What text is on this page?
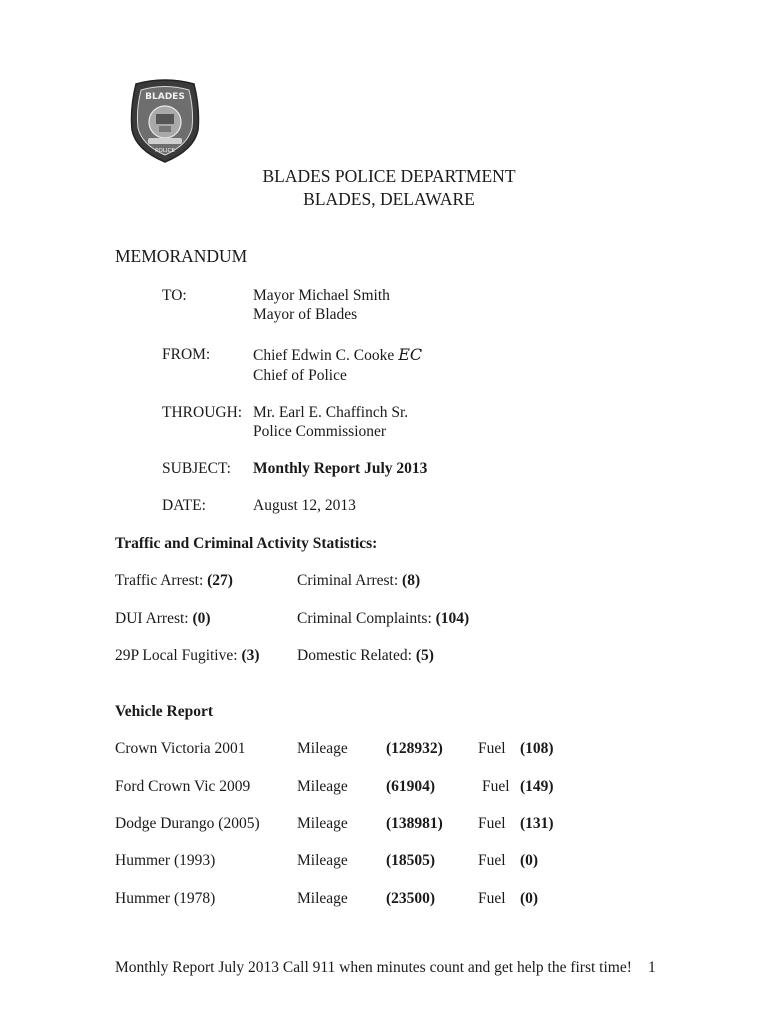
BLADES
POLICE
BLADES POLICE DEPARTMENT
BLADES, DELAWARE
MEMORANDUM
TO:	Mayor Michael Smith
Mayor of Blades
FROM:	Chief Edwin C. Cooke EC
Chief of Police
THROUGH: Mr. Earl E. Chaffinch Sr.
Police Commissioner
SUBJECT: Monthly Report July 2013
DATE:	August 12, 2013
Traffic and Criminal Activity Statistics:
Traffic Arrest: (27)	Criminal Arrest: (8)
DUI Arrest: (0)	Criminal Complaints: (104)
29P Local Fugitive: (3) Domestic Related: (5)
Vehicle Report
Crown Victoria 2001	Mileage (128932) Fuel (108)
Ford Crown Vic 2009	Mileage (61904)	Fuel (149)
Dodge Durango (2005) Mileage (138981) Fuel (131)
Hummer (1993)	Mileage (18505)	Fuel (0)
Hummer (1978)	Mileage (23500)	Fuel (0)
Monthly Report July 2013 Call 911 when minutes count and get help the first time! 1
